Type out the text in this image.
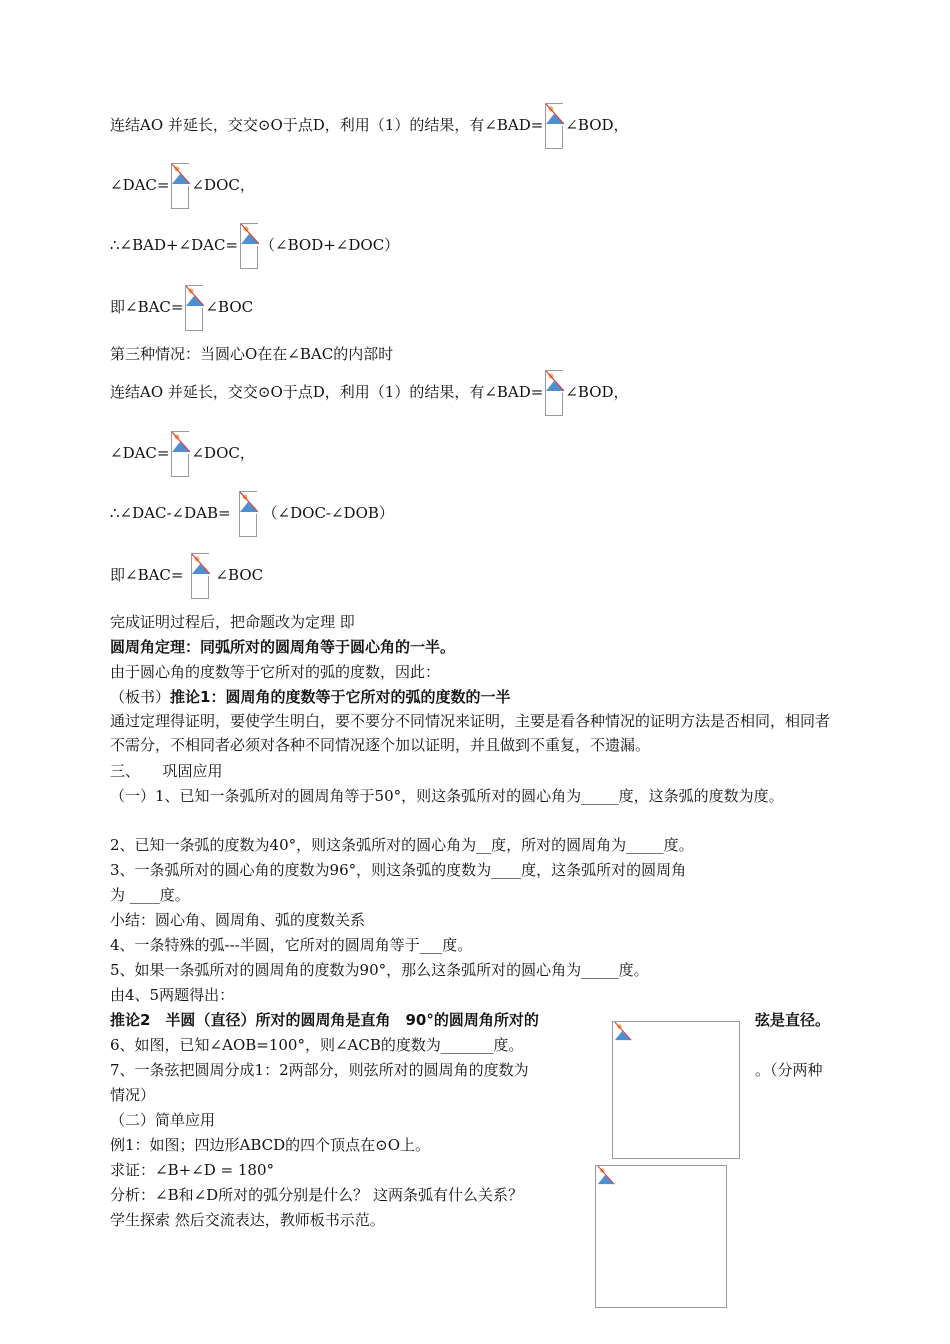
连结AO 并延长，交交⊙O于点D，利用（1）的结果，有∠BAD= ∠BOD，
∠DAC= ∠DOC，
∴∠BAD+∠DAC= （∠BOD+∠DOC）
即∠BAC= ∠BOC
第三种情况：当圆心O在在∠BAC的内部时
连结AO 并延长，交交⊙O于点D，利用（1）的结果，有∠BAD= ∠BOD，
∠DAC= ∠DOC，
∴∠DAC-∠DAB= （∠DOC-∠DOB）
即∠BAC= ∠BOC
完成证明过程后，把命题改为定理 即
圆周角定理：同弧所对的圆周角等于圆心角的一半。
由于圆心角的度数等于它所对的弧的度数，因此：
（板书）推论1：圆周角的度数等于它所对的弧的度数的一半
通过定理得证明，要使学生明白，要不要分不同情况来证明，主要是看各种情况的证明方法是否相同，相同者不需分，不相同者必须对各种不同情况逐个加以证明，并且做到不重复，不遗漏。
三、　　巩固应用
（一）1、已知一条弧所对的圆周角等于50°，则这条弧所对的圆心角为_____度，这条弧的度数为度。
2、已知一条弧的度数为40°，则这条弧所对的圆心角为__度，所对的圆周角为_____度。
3、一条弧所对的圆心角的度数为96°，则这条弧的度数为____度，这条弧所对的圆周角
为 ____度。
小结：圆心角、圆周角、弧的度数关系
4、一条特殊的弧---半圆，它所对的圆周角等于___度。
5、如果一条弧所对的圆周角的度数为90°，那么这条弧所对的圆心角为_____度。
由4、5两题得出：
推论2　半圆（直径）所对的圆周角是直角　90°的圆周角所对的	弦是直径。
6、如图，已知∠AOB=100°，则∠ACB的度数为_______度。
7、一条弦把圆周分成1：2两部分，则弦所对的圆周角的度数为	。（分两种
情况）
（二）简单应用
例1：如图；四边形ABCD的四个顶点在⊙O上。
求证：∠B+∠D = 180°
分析：∠B和∠D所对的弧分别是什么？ 这两条弧有什么关系？
学生探索 然后交流表达，教师板书示范。
